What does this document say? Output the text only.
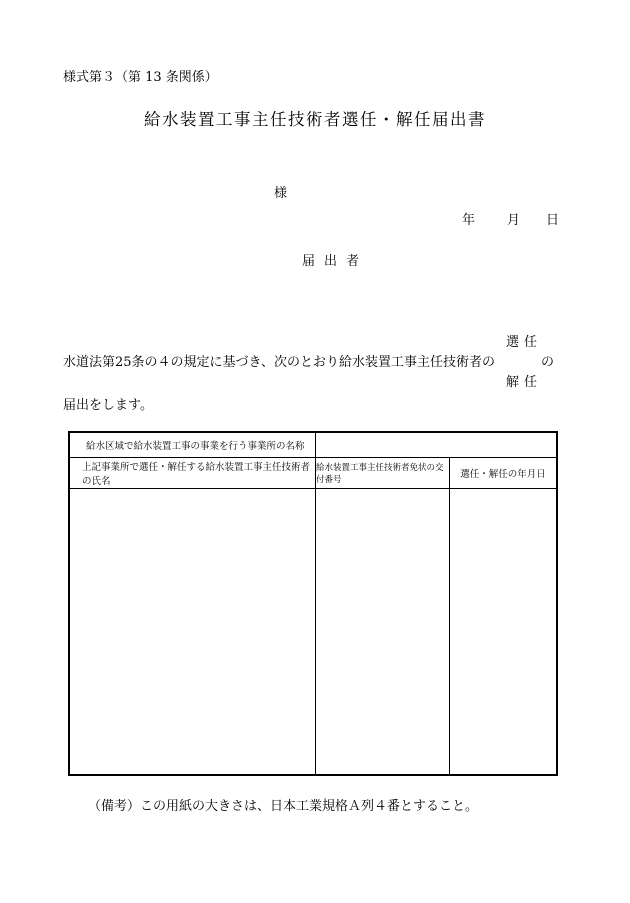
様式第３（第 13 条関係）
給水装置工事主任技術者選任・解任届出書
様
年 月 日
届出者
選任
水道法第25条の４の規定に基づき、次のとおり給水装置工事主任技術者の	の
解任
届出をします。
給水区域で給水装置工事の事業を行う事業所の名称
上記事業所で選任・解任する給水装置工事主任技術者の氏名
給水装置工事主任技術者免状の交付番号	選任・解任の年月日
（備考）この用紙の大きさは、日本工業規格Ａ列４番とすること。
